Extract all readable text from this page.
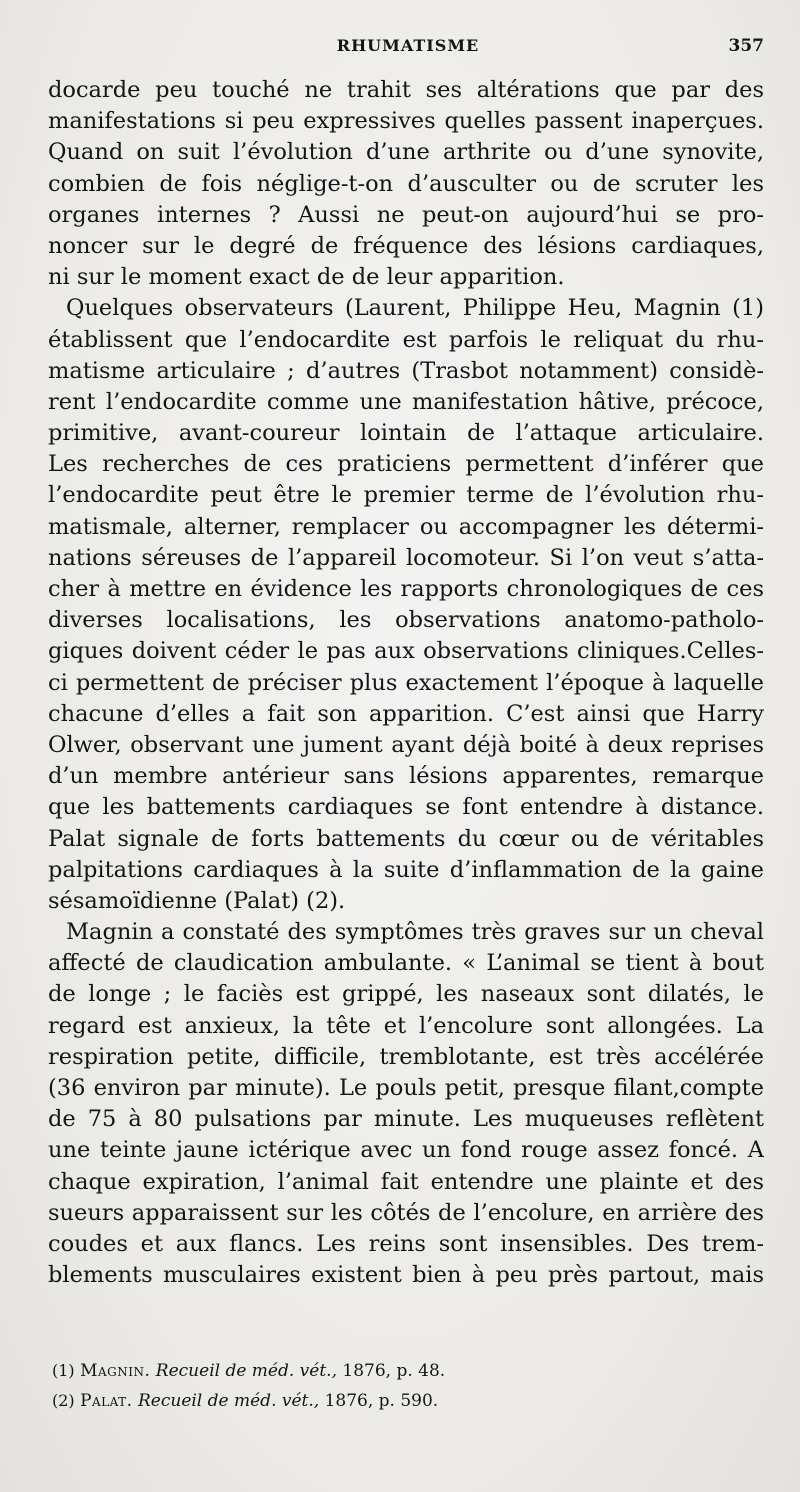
RHUMATISME	357
docarde peu touché ne trahit ses altérations que par des
manifestations si peu expressives quelles passent inaperçues.
Quand on suit l’évolution d’une arthrite ou d’une synovite,
combien de fois néglige-t-on d’ausculter ou de scruter les
organes internes ? Aussi ne peut-on aujourd’hui se pro-
noncer sur le degré de fréquence des lésions cardiaques,
ni sur le moment exact de de leur apparition.
Quelques observateurs (Laurent, Philippe Heu, Magnin (1)
établissent que l’endocardite est parfois le reliquat du rhu-
matisme articulaire ; d’autres (Trasbot notamment) considè-
rent l’endocardite comme une manifestation hâtive, précoce,
primitive, avant-coureur lointain de l’attaque articulaire.
Les recherches de ces praticiens permettent d’inférer que
l’endocardite peut être le premier terme de l’évolution rhu-
matismale, alterner, remplacer ou accompagner les détermi-
nations séreuses de l’appareil locomoteur. Si l’on veut s’atta-
cher à mettre en évidence les rapports chronologiques de ces
diverses localisations, les observations anatomo-patholo-
giques doivent céder le pas aux observations cliniques.Celles-
ci permettent de préciser plus exactement l’époque à laquelle
chacune d’elles a fait son apparition. C’est ainsi que Harry
Olwer, observant une jument ayant déjà boité à deux reprises
d’un membre antérieur sans lésions apparentes, remarque
que les battements cardiaques se font entendre à distance.
Palat signale de forts battements du cœur ou de véritables
palpitations cardiaques à la suite d’inflammation de la gaine
sésamoïdienne (Palat) (2).
Magnin a constaté des symptômes très graves sur un cheval
affecté de claudication ambulante. « L’animal se tient à bout
de longe ; le faciès est grippé, les naseaux sont dilatés, le
regard est anxieux, la tête et l’encolure sont allongées. La
respiration petite, difficile, tremblotante, est très accélérée
(36 environ par minute). Le pouls petit, presque filant,compte
de 75 à 80 pulsations par minute. Les muqueuses reflètent
une teinte jaune ictérique avec un fond rouge assez foncé. A
chaque expiration, l’animal fait entendre une plainte et des
sueurs apparaissent sur les côtés de l’encolure, en arrière des
coudes et aux flancs. Les reins sont insensibles. Des trem-
blements musculaires existent bien à peu près partout, mais
(1) Magnin. Recueil de méd. vét., 1876, p. 48.
(2) Palat. Recueil de méd. vét., 1876, p. 590.
